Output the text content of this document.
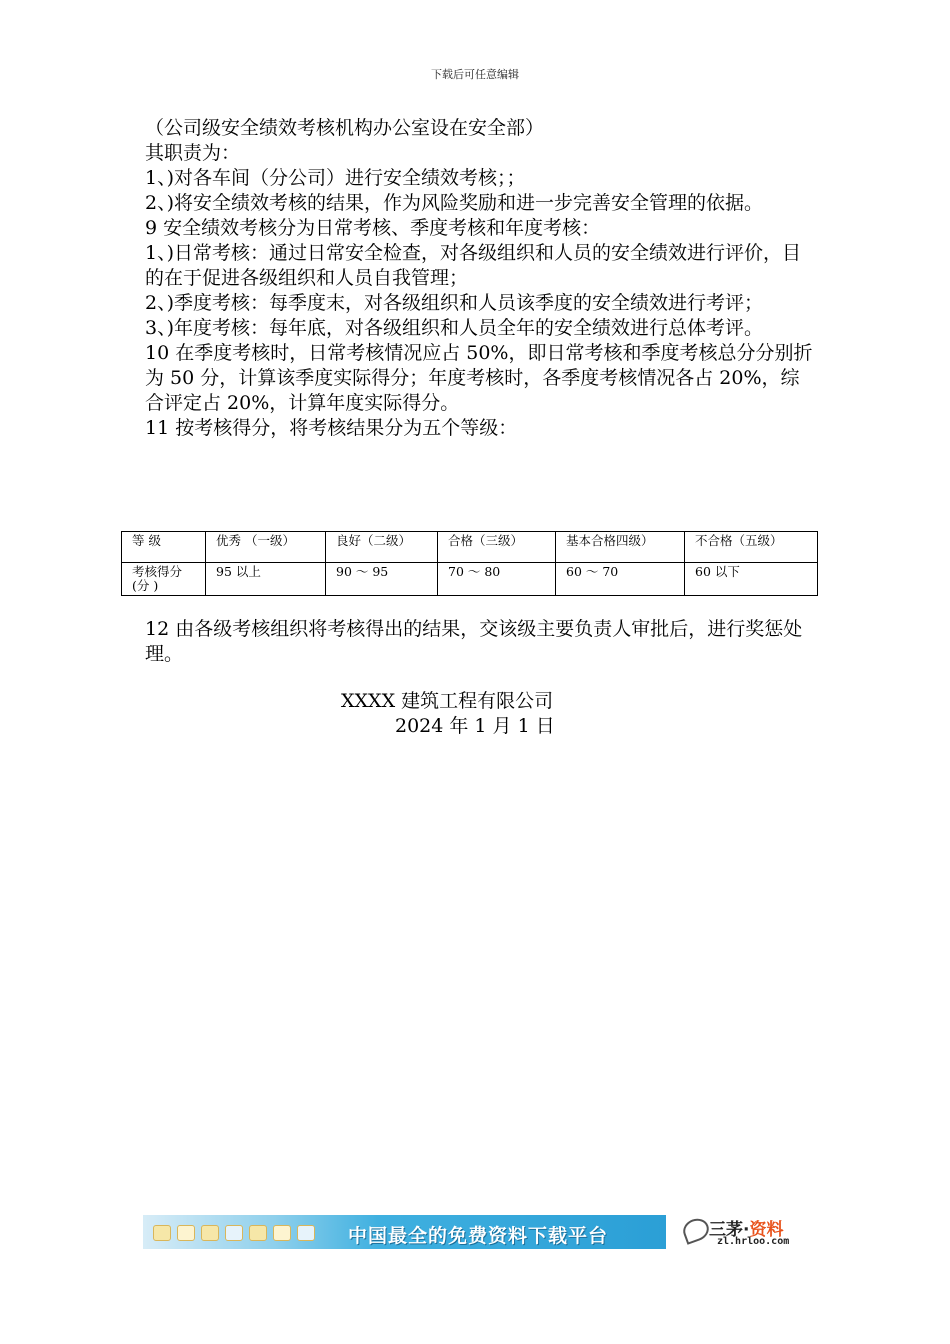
下载后可任意编辑

（公司级安全绩效考核机构办公室设在安全部）

其职责为：

1、)对各车间（分公司）进行安全绩效考核；；

2、)将安全绩效考核的结果，作为风险奖励和进一步完善安全管理的依据。

9 安全绩效考核分为日常考核、季度考核和年度考核：

1、)日常考核：通过日常安全检查，对各级组织和人员的安全绩效进行评价，目的在于促进各级组织和人员自我管理；

2、)季度考核：每季度末，对各级组织和人员该季度的安全绩效进行考评；

3、)年度考核：每年底，对各级组织和人员全年的安全绩效进行总体考评。

10 在季度考核时，日常考核情况应占 50%，即日常考核和季度考核总分分别折为 50 分，计算该季度实际得分；年度考核时，各季度考核情况各占 20%，综合评定占 20%，计算年度实际得分。

11 按考核得分，将考核结果分为五个等级：

等 级	优秀 （一级）	良好（二级）	合格（三级）	基本合格四级）	不合格（五级）
考核得分 (分 )	95 以上	90 ～ 95	70 ～ 80	60 ～ 70	60 以下

12 由各级考核组织将考核得出的结果，交该级主要负责人审批后，进行奖惩处理。

XXXX 建筑工程有限公司

2024 年 1 月 1 日

中国最全的免费资料下载平台	三茅·资料
zl.hrloo.com
